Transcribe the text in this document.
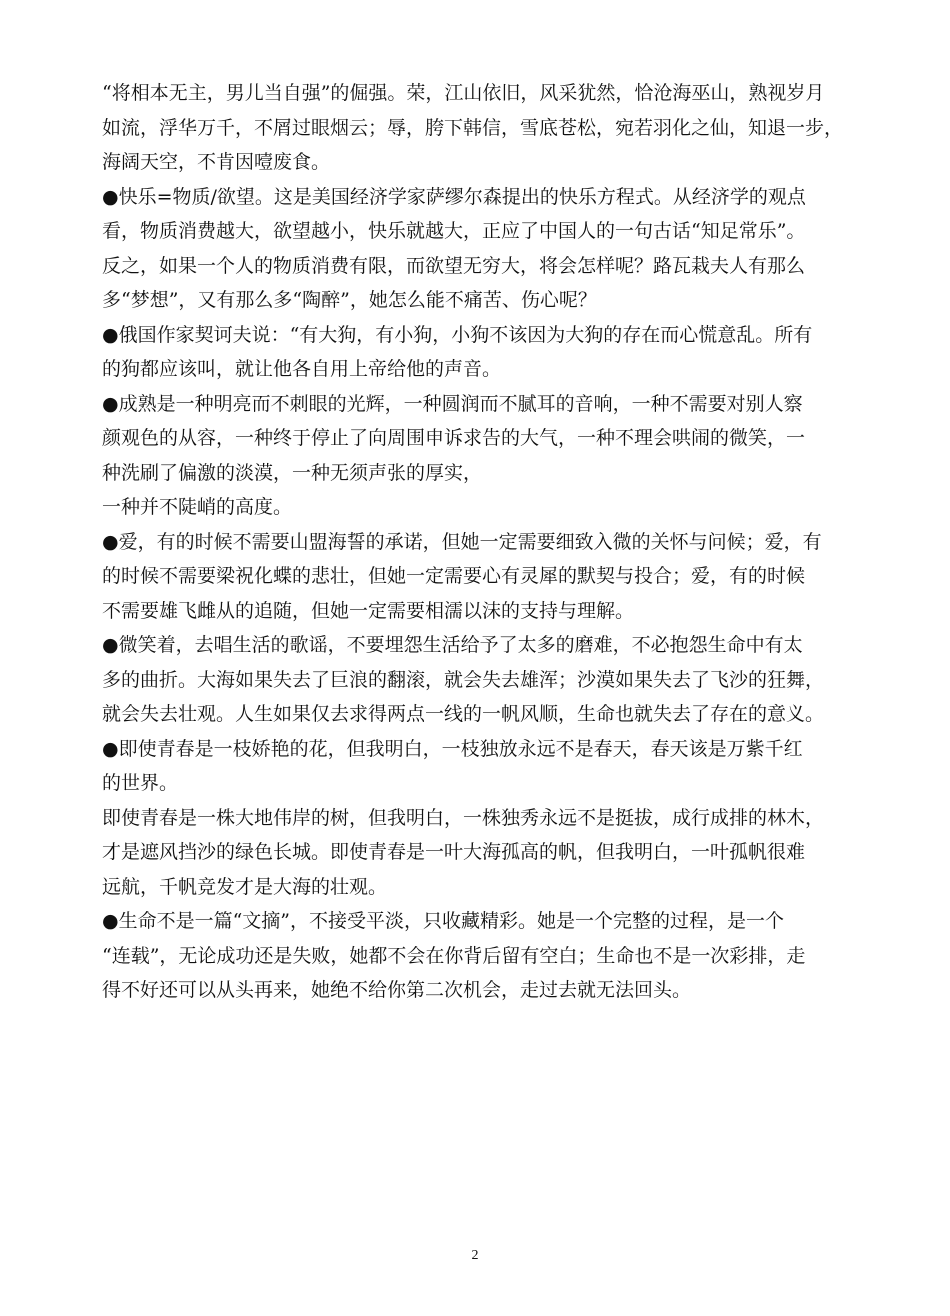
“将相本无主，男儿当自强”的倔强。荣，江山依旧，风采犹然，恰沧海巫山，熟视岁月

如流，浮华万千，不屑过眼烟云；辱，胯下韩信，雪底苍松，宛若羽化之仙，知退一步，

海阔天空，不肯因噎废食。

●快乐=物质/欲望。这是美国经济学家萨缪尔森提出的快乐方程式。从经济学的观点

看，物质消费越大，欲望越小，快乐就越大，正应了中国人的一句古话“知足常乐”。

反之，如果一个人的物质消费有限，而欲望无穷大，将会怎样呢？路瓦栽夫人有那么

多“梦想”，又有那么多“陶醉”，她怎么能不痛苦、伤心呢？

●俄国作家契诃夫说：“有大狗，有小狗，小狗不该因为大狗的存在而心慌意乱。所有

的狗都应该叫，就让他各自用上帝给他的声音。

●成熟是一种明亮而不刺眼的光辉，一种圆润而不腻耳的音响，一种不需要对别人察

颜观色的从容，一种终于停止了向周围申诉求告的大气，一种不理会哄闹的微笑，一

种洗刷了偏激的淡漠，一种无须声张的厚实，

一种并不陡峭的高度。

●爱，有的时候不需要山盟海誓的承诺，但她一定需要细致入微的关怀与问候；爱，有

的时候不需要梁祝化蝶的悲壮，但她一定需要心有灵犀的默契与投合；爱，有的时候

不需要雄飞雌从的追随，但她一定需要相濡以沫的支持与理解。

●微笑着，去唱生活的歌谣，不要埋怨生活给予了太多的磨难，不必抱怨生命中有太

多的曲折。大海如果失去了巨浪的翻滚，就会失去雄浑；沙漠如果失去了飞沙的狂舞，

就会失去壮观。人生如果仅去求得两点一线的一帆风顺，生命也就失去了存在的意义。

●即使青春是一枝娇艳的花，但我明白，一枝独放永远不是春天，春天该是万紫千红

的世界。

即使青春是一株大地伟岸的树，但我明白，一株独秀永远不是挺拔，成行成排的林木，

才是遮风挡沙的绿色长城。即使青春是一叶大海孤高的帆，但我明白，一叶孤帆很难

远航，千帆竞发才是大海的壮观。

●生命不是一篇“文摘”，不接受平淡，只收藏精彩。她是一个完整的过程，是一个

“连载”，无论成功还是失败，她都不会在你背后留有空白；生命也不是一次彩排，走

得不好还可以从头再来，她绝不给你第二次机会，走过去就无法回头。

2
